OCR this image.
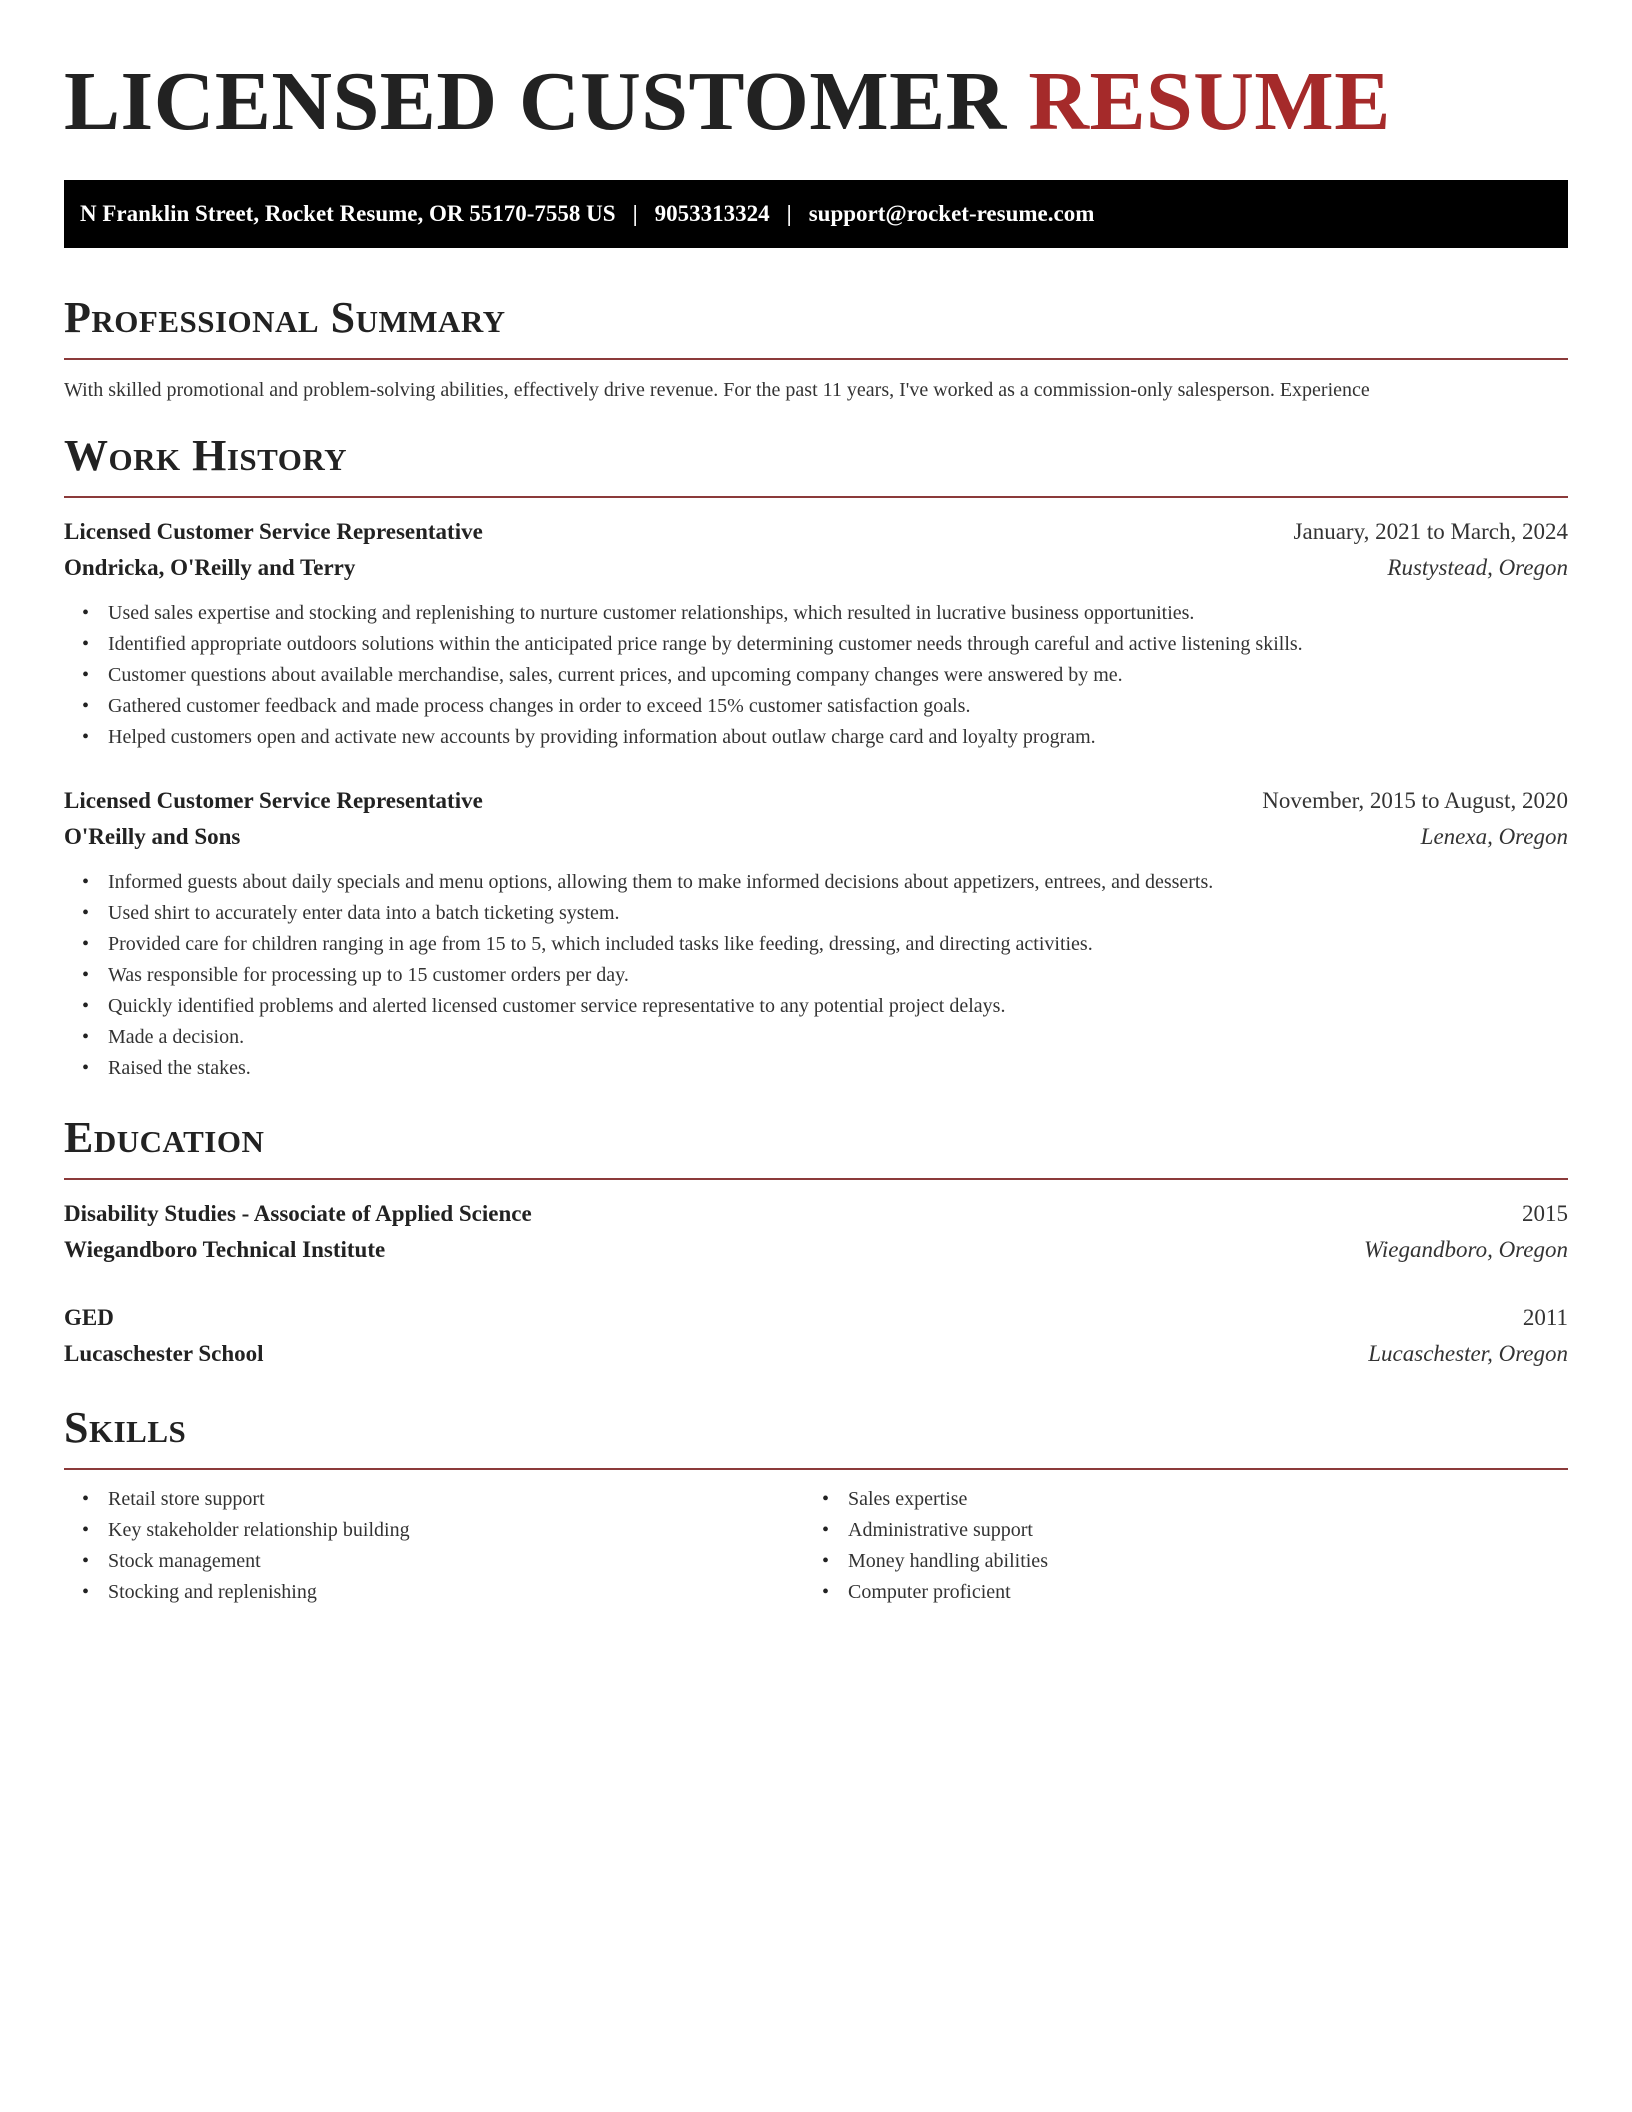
LICENSED CUSTOMER RESUME
N Franklin Street, Rocket Resume, OR 55170-7558 US | 9053313324 | support@rocket-resume.com
Professional Summary

With skilled promotional and problem-solving abilities, effectively drive revenue. For the past 11 years, I've worked as a commission-only salesperson. Experience

Work History
Licensed Customer Service Representative	January, 2021 to March, 2024
Ondricka, O'Reilly and Terry	Rustystead, Oregon
• Used sales expertise and stocking and replenishing to nurture customer relationships, which resulted in lucrative business opportunities.
• Identified appropriate outdoors solutions within the anticipated price range by determining customer needs through careful and active listening skills.
• Customer questions about available merchandise, sales, current prices, and upcoming company changes were answered by me.
• Gathered customer feedback and made process changes in order to exceed 15% customer satisfaction goals.
• Helped customers open and activate new accounts by providing information about outlaw charge card and loyalty program.
Licensed Customer Service Representative	November, 2015 to August, 2020
O'Reilly and Sons	Lenexa, Oregon
• Informed guests about daily specials and menu options, allowing them to make informed decisions about appetizers, entrees, and desserts.
• Used shirt to accurately enter data into a batch ticketing system.
• Provided care for children ranging in age from 15 to 5, which included tasks like feeding, dressing, and directing activities.
• Was responsible for processing up to 15 customer orders per day.
• Quickly identified problems and alerted licensed customer service representative to any potential project delays.
• Made a decision.
• Raised the stakes.
Education
Disability Studies - Associate of Applied Science	2015
Wiegandboro Technical Institute	Wiegandboro, Oregon
GED	2011
Lucaschester School	Lucaschester, Oregon
Skills
• Retail store support
• Key stakeholder relationship building
• Stock management
• Stocking and replenishing
• Sales expertise
• Administrative support
• Money handling abilities
• Computer proficient
